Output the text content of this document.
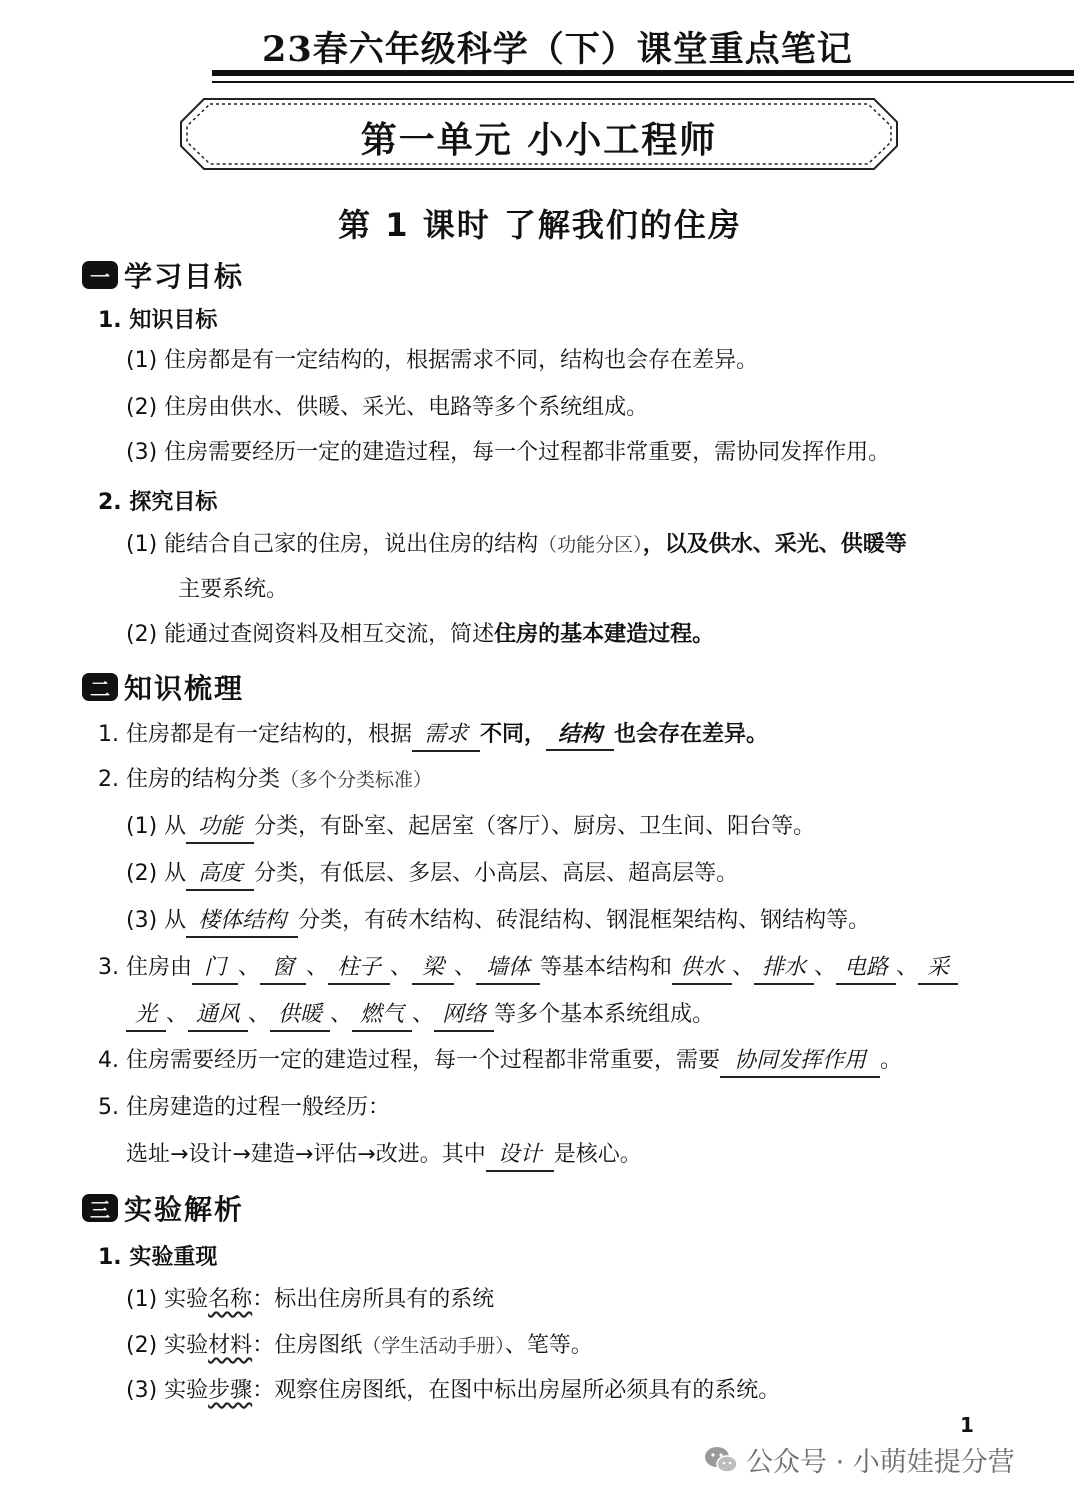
23春六年级科学（下）课堂重点笔记
第一单元 小小工程师
第 1 课时 了解我们的住房
一 学习目标
1. 知识目标
(1) 住房都是有一定结构的，根据需求不同，结构也会存在差异。
(2) 住房由供水、供暖、采光、电路等多个系统组成。
(3) 住房需要经历一定的建造过程，每一个过程都非常重要，需协同发挥作用。
2. 探究目标
(1) 能结合自己家的住房，说出住房的结构（功能分区），以及供水、采光、供暖等
主要系统。
(2) 能通过查阅资料及相互交流，简述住房的基本建造过程。
二 知识梳理
1. 住房都是有一定结构的，根据 需求 不同， 结构 也会存在差异。
2. 住房的结构分类（多个分类标准）
(1) 从 功能 分类，有卧室、起居室（客厅）、厨房、卫生间、阳台等。
(2) 从 高度 分类，有低层、多层、小高层、高层、超高层等。
(3) 从 楼体结构 分类，有砖木结构、砖混结构、钢混框架结构、钢结构等。
3. 住房由 门 、 窗 、 柱子 、 梁 、 墙体 等基本结构和 供水 、 排水 、 电路 、 采
光 、 通风 、 供暖 、 燃气 、 网络 等多个基本系统组成。
4. 住房需要经历一定的建造过程，每一个过程都非常重要，需要 协同发挥作用 。
5. 住房建造的过程一般经历：
选址→设计→建造→评估→改进。其中 设计 是核心。
三 实验解析
1. 实验重现
(1) 实验名称：标出住房所具有的系统
(2) 实验材料：住房图纸（学生活动手册）、笔等。
(3) 实验步骤：观察住房图纸，在图中标出房屋所必须具有的系统。
1
公众号 · 小萌娃提分营
